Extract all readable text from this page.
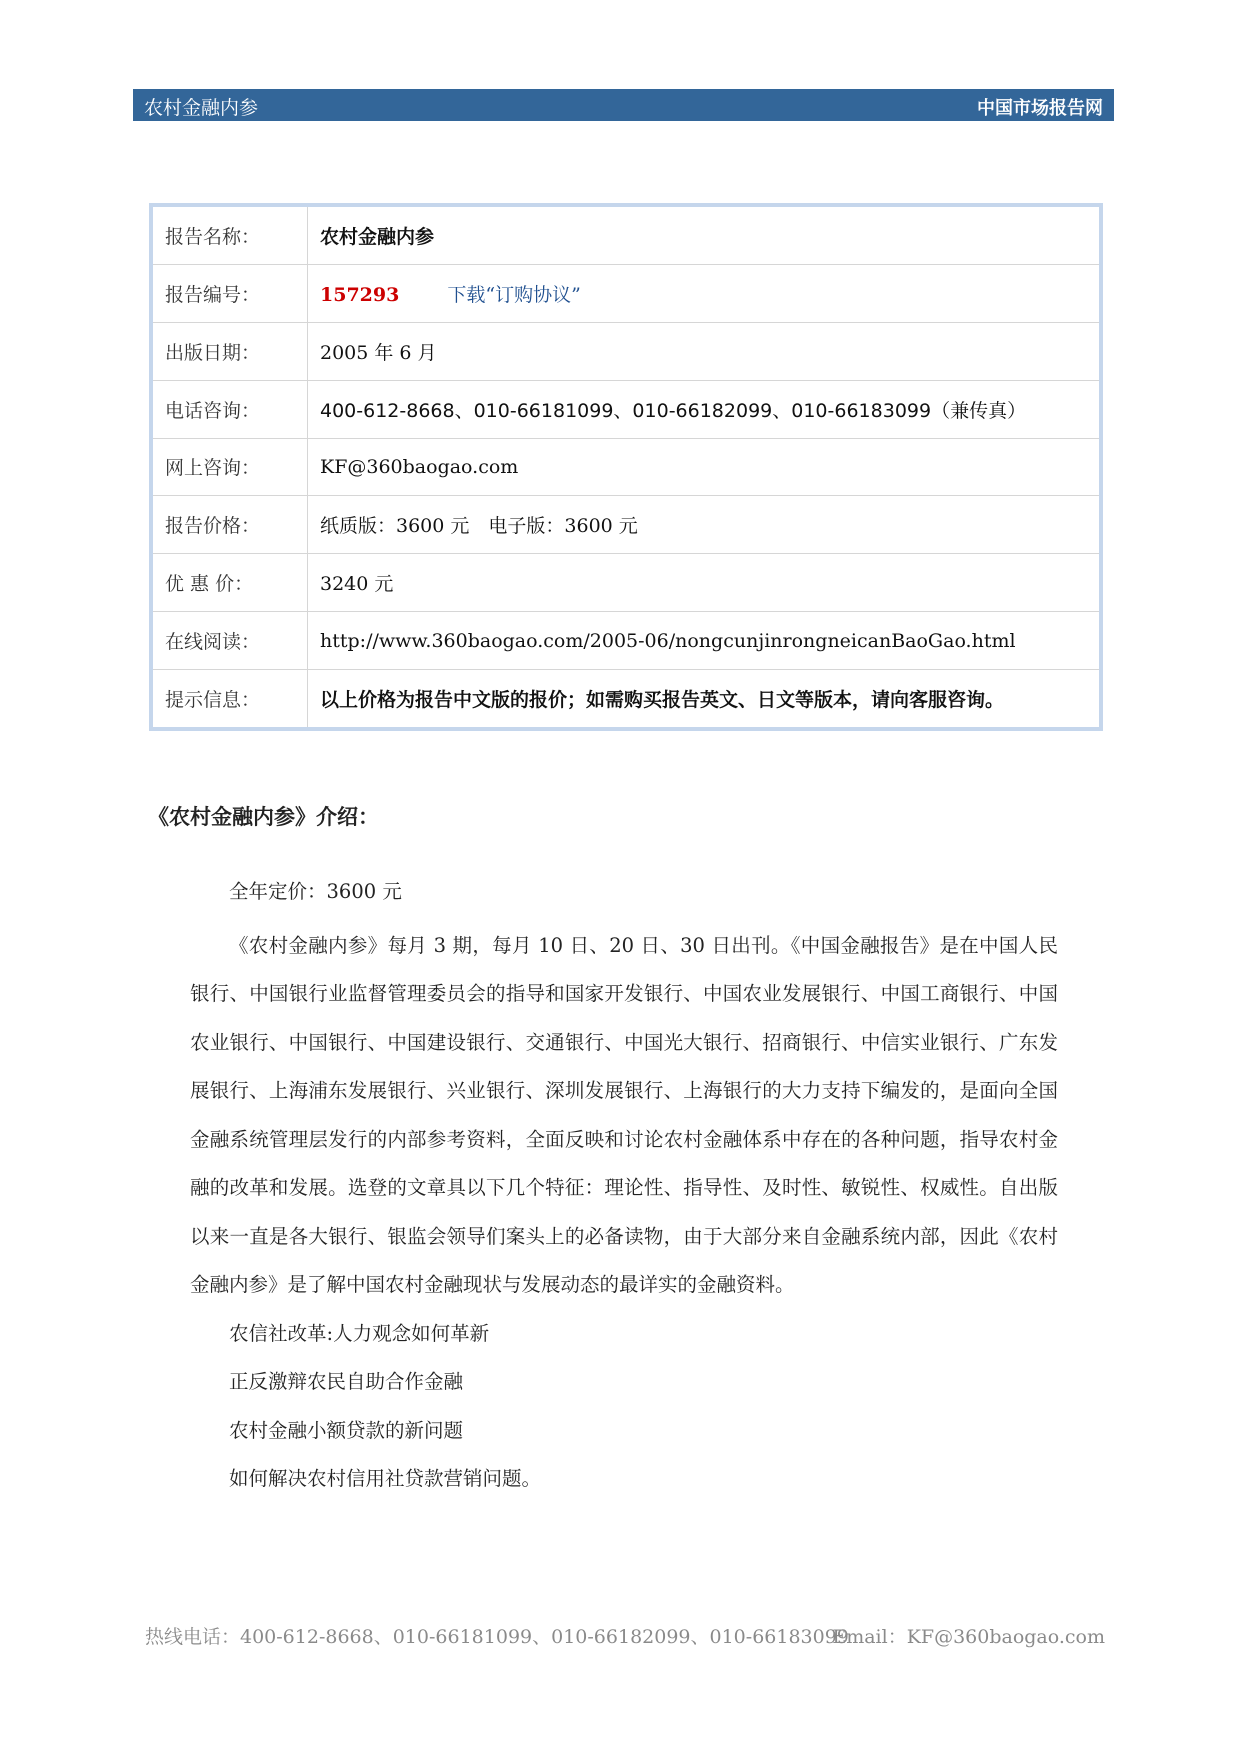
农村金融内参	中国市场报告网
报告名称：	农村金融内参
报告编号：	157293 下载“订购协议”
出版日期：	2005 年 6 月
电话咨询：	400-612-8668、010-66181099、010-66182099、010-66183099（兼传真）
网上咨询：	KF@360baogao.com
报告价格：	纸质版：3600 元　电子版：3600 元
优 惠 价：	3240 元
在线阅读：	http://www.360baogao.com/2005-06/nongcunjinrongneicanBaoGao.html
提示信息：	以上价格为报告中文版的报价；如需购买报告英文、日文等版本，请向客服咨询。
《农村金融内参》介绍：

全年定价：3600 元

《农村金融内参》每月 3 期，每月 10 日、20 日、30 日出刊。《中国金融报告》是在中国人民银行、中国银行业监督管理委员会的指导和国家开发银行、中国农业发展银行、中国工商银行、中国农业银行、中国银行、中国建设银行、交通银行、中国光大银行、招商银行、中信实业银行、广东发展银行、上海浦东发展银行、兴业银行、深圳发展银行、上海银行的大力支持下编发的，是面向全国金融系统管理层发行的内部参考资料，全面反映和讨论农村金融体系中存在的各种问题，指导农村金融的改革和发展。选登的文章具以下几个特征：理论性、指导性、及时性、敏锐性、权威性。自出版以来一直是各大银行、银监会领导们案头上的必备读物，由于大部分来自金融系统内部，因此《农村金融内参》是了解中国农村金融现状与发展动态的最详实的金融资料。

农信社改革:人力观念如何革新

正反激辩农民自助合作金融

农村金融小额贷款的新问题

如何解决农村信用社贷款营销问题。

热线电话：400-612-8668、010-66181099、010-66182099、010-66183099
Email：KF@360baogao.com
